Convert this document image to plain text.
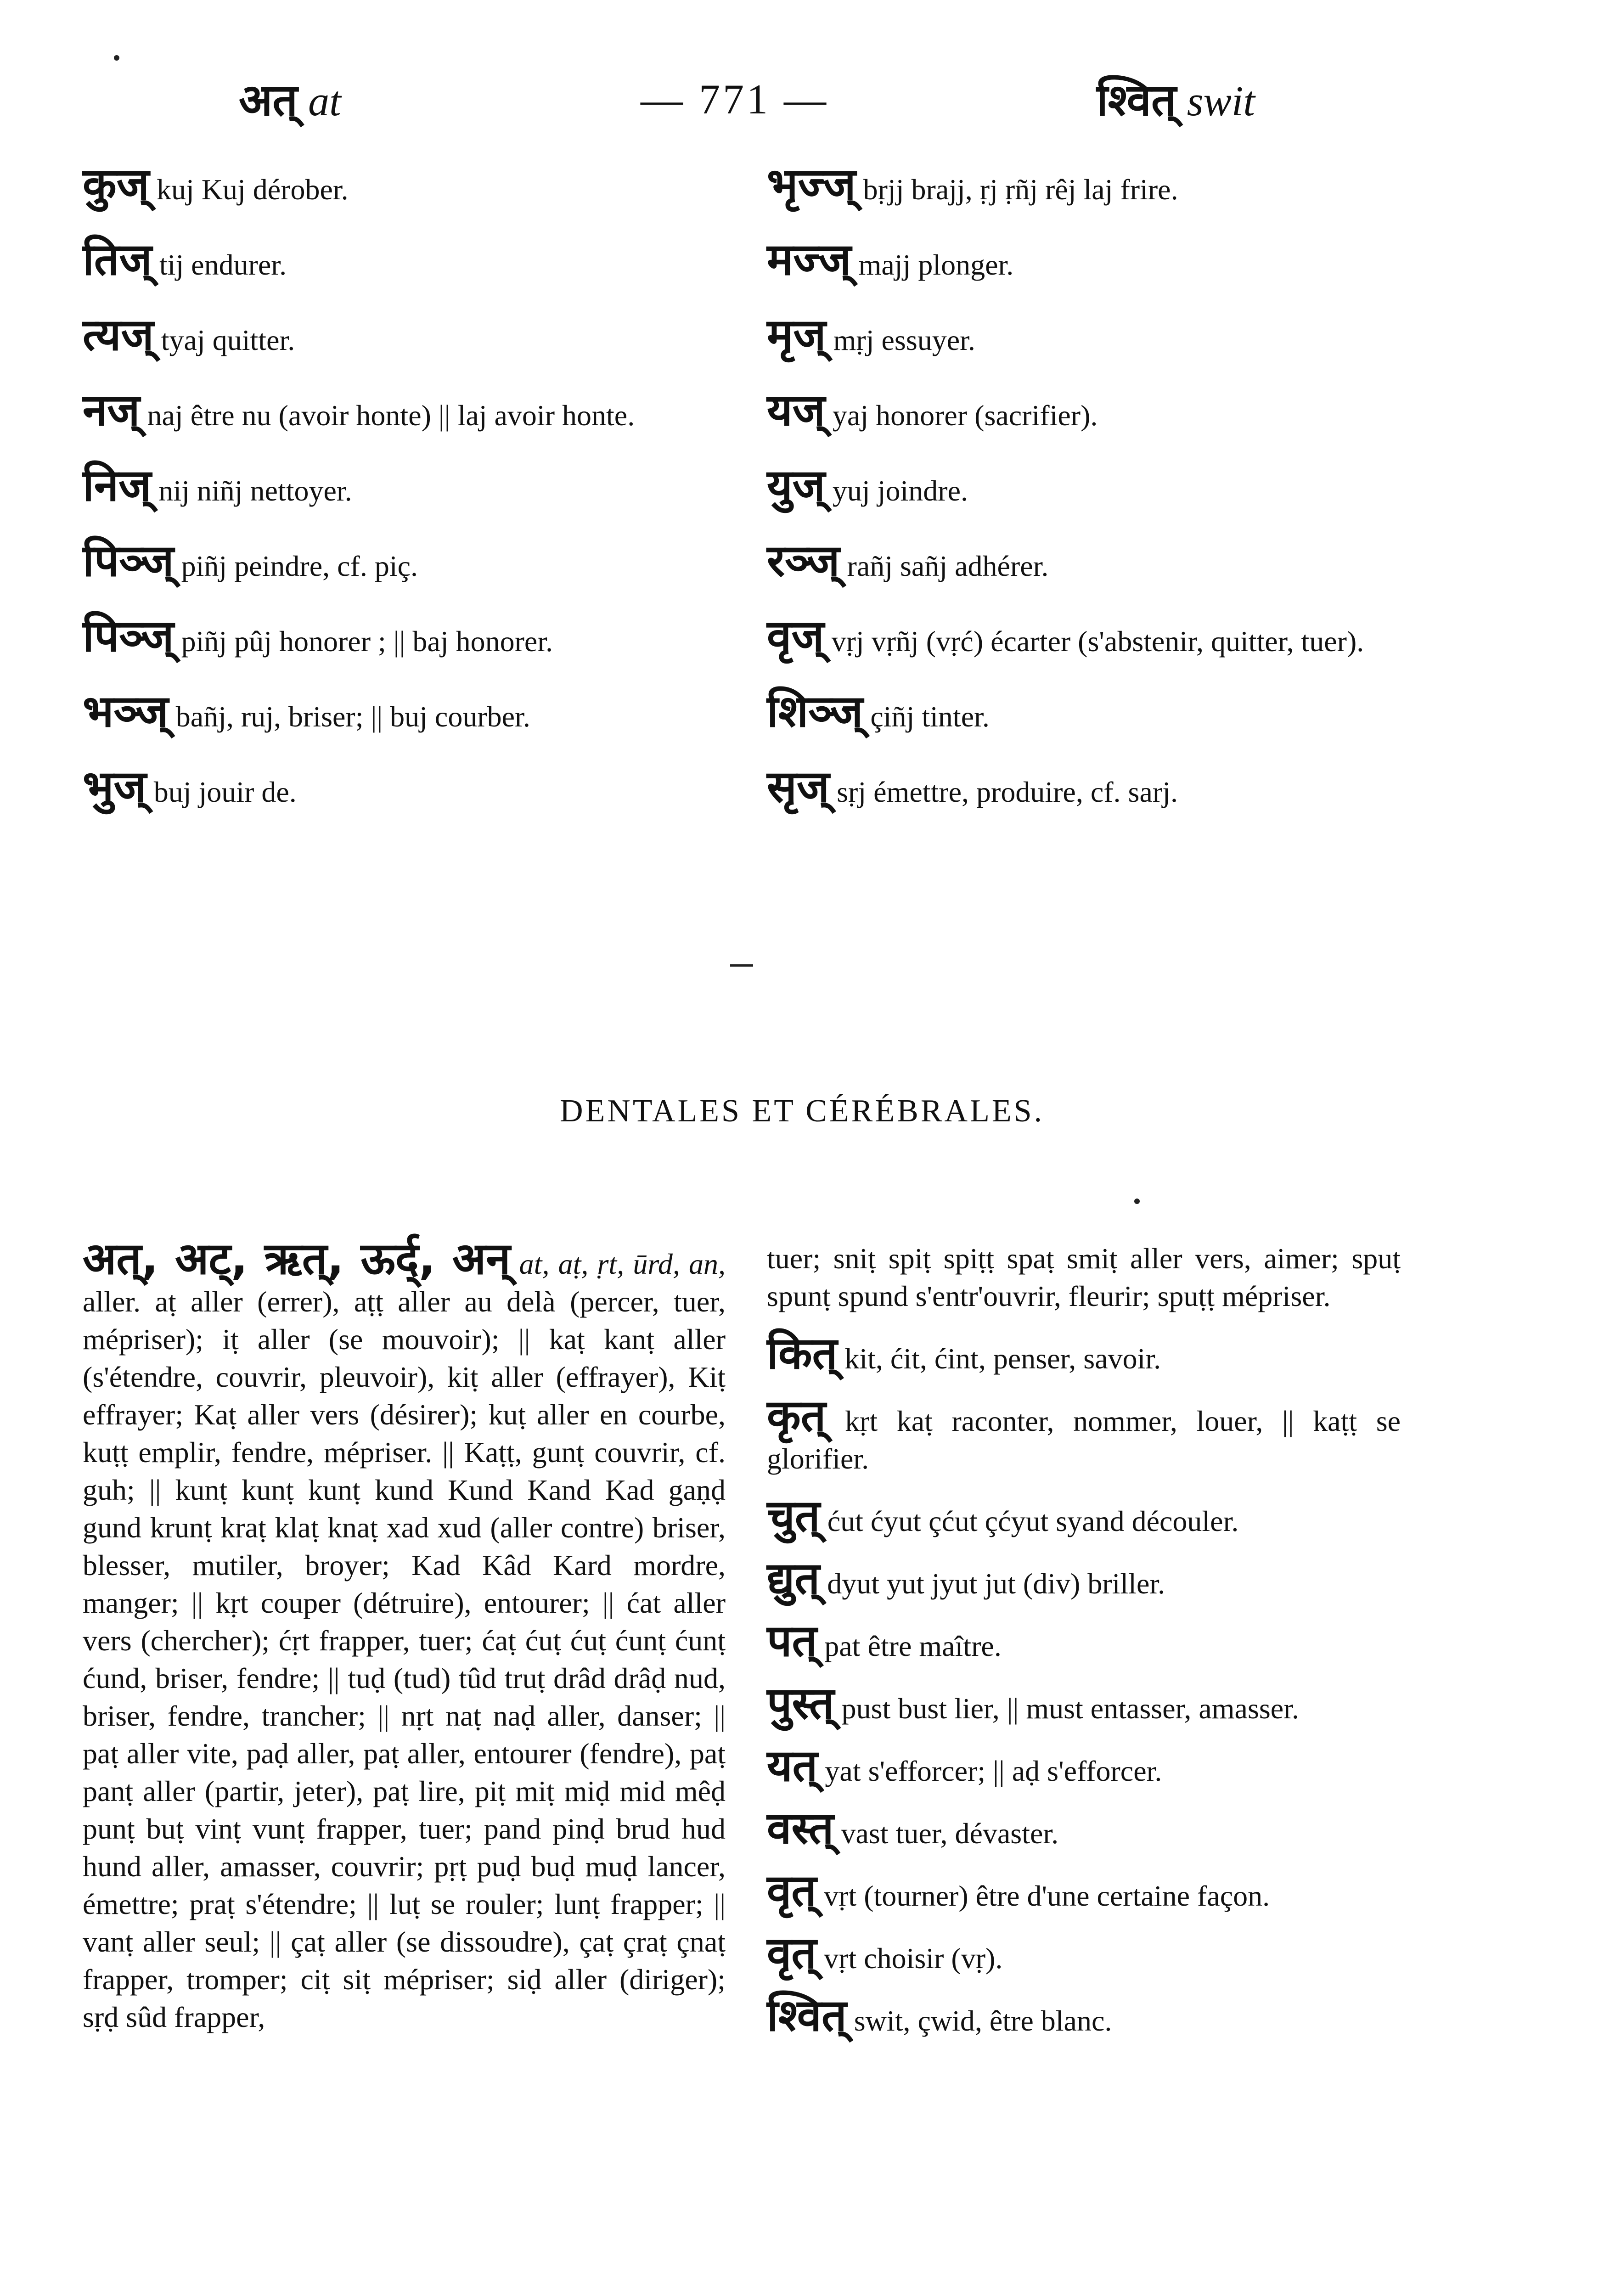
अत् at	— 771 —	श्वित् swit

कुज् kuj Kuj dérober.

तिज् tij endurer.

त्यज् tyaj quitter.

नज् naj être nu (avoir honte) || laj avoir honte.

निज् nij niñj nettoyer.

पिञ्ज् piñj peindre, cf. piç.

पिञ्ज् piñj pûj honorer ; || baj honorer.

भञ्ज् bañj, ruj, briser; || buj courber.

भुज् buj jouir de.

भृज्ज् bṛjj brajj, ṛj ṛñj rêj laj frire.

मज्ज् majj plonger.

मृज् mṛj essuyer.

यज् yaj honorer (sacrifier).

युज् yuj joindre.

रञ्ज् rañj sañj adhérer.

वृज् vṛj vṛñj (vṛć) écarter (s'abstenir, quitter, tuer).

शिञ्ज् çiñj tinter.

सृज् sṛj émettre, produire, cf. sarj.

DENTALES ET CÉRÉBRALES.

अत्, अट्, ऋत्, ऊर्द्, अन् at, aṭ, ṛt, ūrd, an, aller. aṭ aller (errer), aṭṭ aller au delà (percer, tuer, mépriser); iṭ aller (se mouvoir); || kaṭ kanṭ aller (s'étendre, couvrir, pleuvoir), kiṭ aller (effrayer), Kiṭ effrayer; Kaṭ aller vers (désirer); kuṭ aller en courbe, kuṭṭ emplir, fendre, mépriser. || Kaṭṭ, gunṭ couvrir, cf. guh; || kunṭ kunṭ kunṭ kund Kund Kand Kad gaṇḍ gund krunṭ kraṭ klaṭ knaṭ xad xud (aller contre) briser, blesser, mutiler, broyer; Kad Kâd Kard mordre, manger; || kṛt couper (détruire), entourer; || ćat aller vers (chercher); ćṛt frapper, tuer; ćaṭ ćuṭ ćuṭ ćunṭ ćunṭ ćund, briser, fendre; || tuḍ (tud) tûd truṭ drâd drâḍ nud, briser, fendre, trancher; || nṛt naṭ naḍ aller, danser; || paṭ aller vite, paḍ aller, paṭ aller, entourer (fendre), paṭ panṭ aller (partir, jeter), paṭ lire, piṭ miṭ miḍ mid mêḍ punṭ buṭ vinṭ vunṭ frapper, tuer; pand pinḍ brud hud hund aller, amasser, couvrir; pṛṭ puḍ buḍ muḍ lancer, émettre; praṭ s'étendre; || luṭ se rouler; lunṭ frapper; || vanṭ aller seul; || çaṭ aller (se dissoudre), çaṭ çraṭ çnaṭ frapper, tromper; ciṭ siṭ mépriser; siḍ aller (diriger); sṛḍ sûd frapper,

tuer; sniṭ spiṭ spiṭṭ spaṭ smiṭ aller vers, aimer; spuṭ spunṭ spund s'entr'ouvrir, fleurir; spuṭṭ mépriser.

कित् kit, ćit, ćint, penser, savoir.

कृत् kṛt kaṭ raconter, nommer, louer, || kaṭṭ se glorifier.

चुत् ćut ćyut çćut çćyut syand découler.

द्युत् dyut yut jyut jut (div) briller.

पत् pat être maître.

पुस्त् pust bust lier, || must entasser, amasser.

यत् yat s'efforcer; || aḍ s'efforcer.

वस्त् vast tuer, dévaster.

वृत् vṛt (tourner) être d'une certaine façon.

वृत् vṛt choisir (vṛ).

श्वित् swit, çwid, être blanc.
